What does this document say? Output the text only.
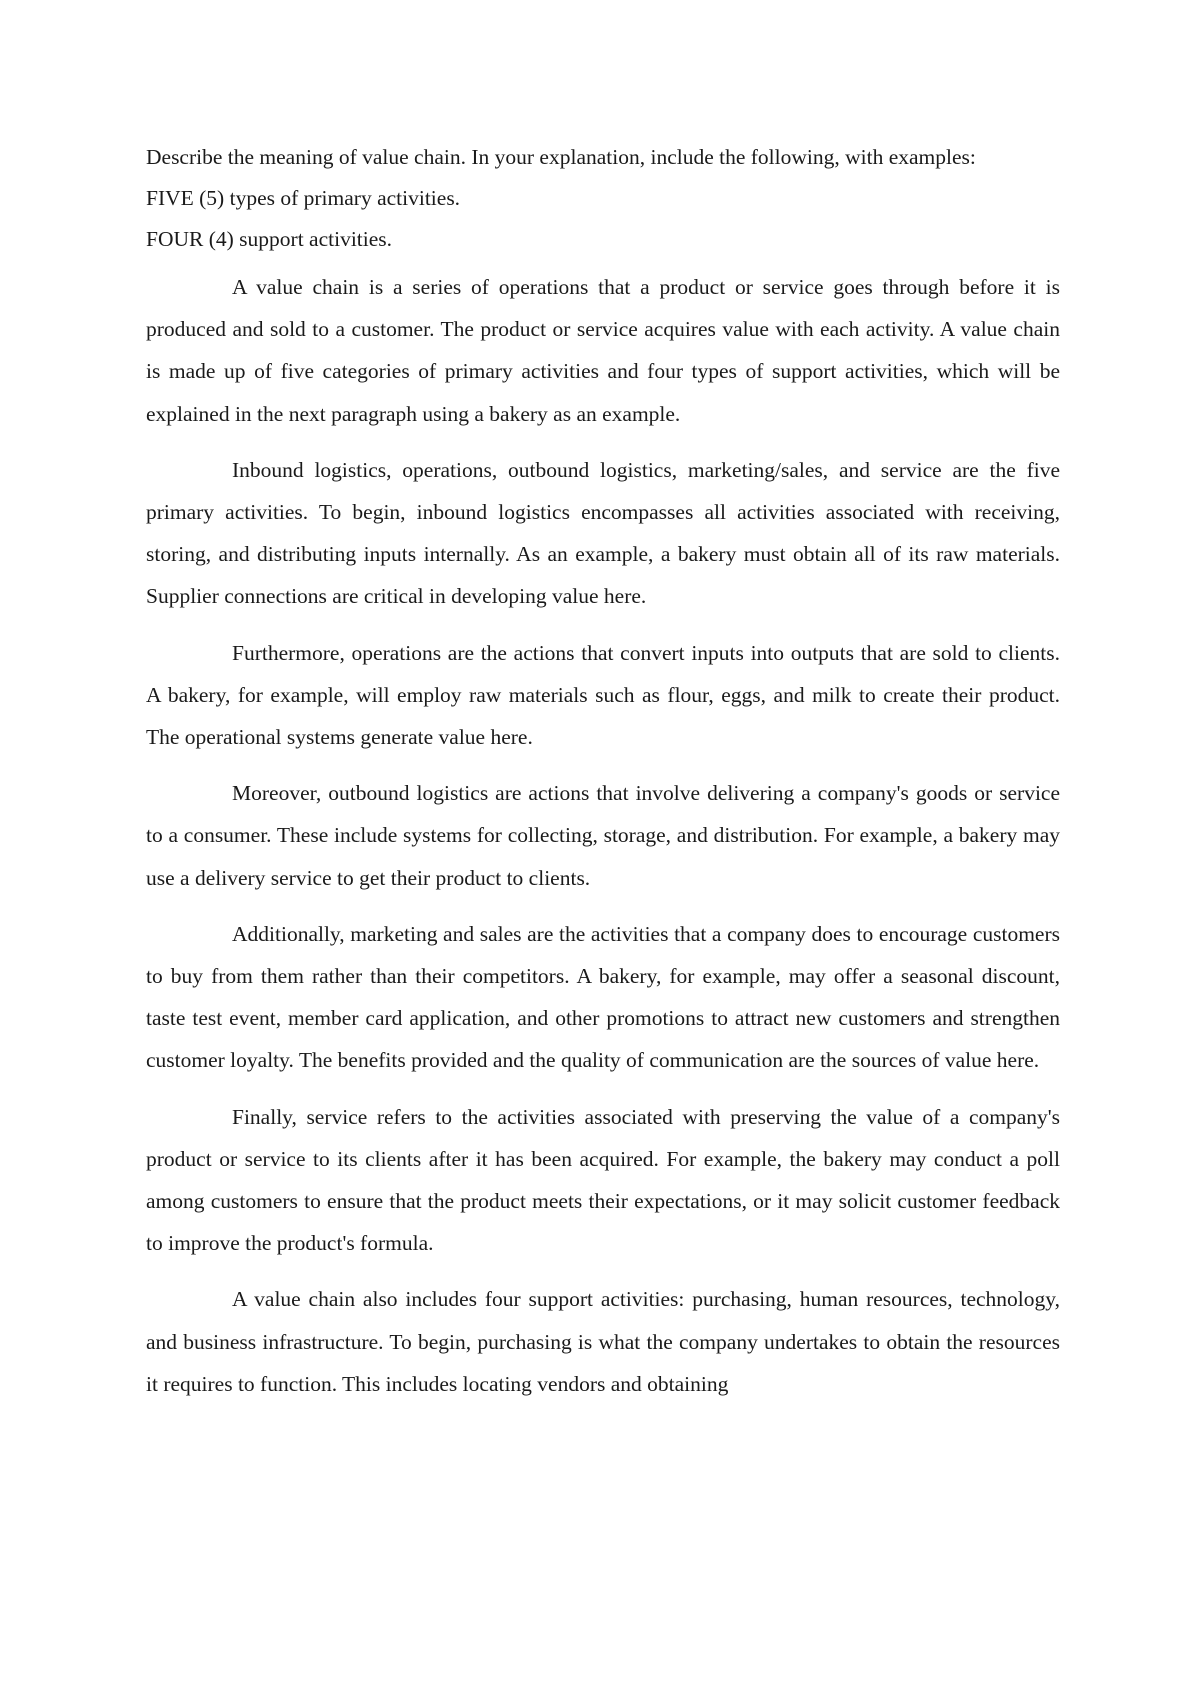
Describe the meaning of value chain. In your explanation, include the following, with examples:

FIVE (5) types of primary activities.

FOUR (4) support activities.

A value chain is a series of operations that a product or service goes through before it is produced and sold to a customer. The product or service acquires value with each activity. A value chain is made up of five categories of primary activities and four types of support activities, which will be explained in the next paragraph using a bakery as an example.

Inbound logistics, operations, outbound logistics, marketing/sales, and service are the five primary activities. To begin, inbound logistics encompasses all activities associated with receiving, storing, and distributing inputs internally. As an example, a bakery must obtain all of its raw materials. Supplier connections are critical in developing value here.

Furthermore, operations are the actions that convert inputs into outputs that are sold to clients. A bakery, for example, will employ raw materials such as flour, eggs, and milk to create their product. The operational systems generate value here.

Moreover, outbound logistics are actions that involve delivering a company's goods or service to a consumer. These include systems for collecting, storage, and distribution. For example, a bakery may use a delivery service to get their product to clients.

Additionally, marketing and sales are the activities that a company does to encourage customers to buy from them rather than their competitors. A bakery, for example, may offer a seasonal discount, taste test event, member card application, and other promotions to attract new customers and strengthen customer loyalty. The benefits provided and the quality of communication are the sources of value here.

Finally, service refers to the activities associated with preserving the value of a company's product or service to its clients after it has been acquired. For example, the bakery may conduct a poll among customers to ensure that the product meets their expectations, or it may solicit customer feedback to improve the product's formula.

A value chain also includes four support activities: purchasing, human resources, technology, and business infrastructure. To begin, purchasing is what the company undertakes to obtain the resources it requires to function. This includes locating vendors and obtaining
